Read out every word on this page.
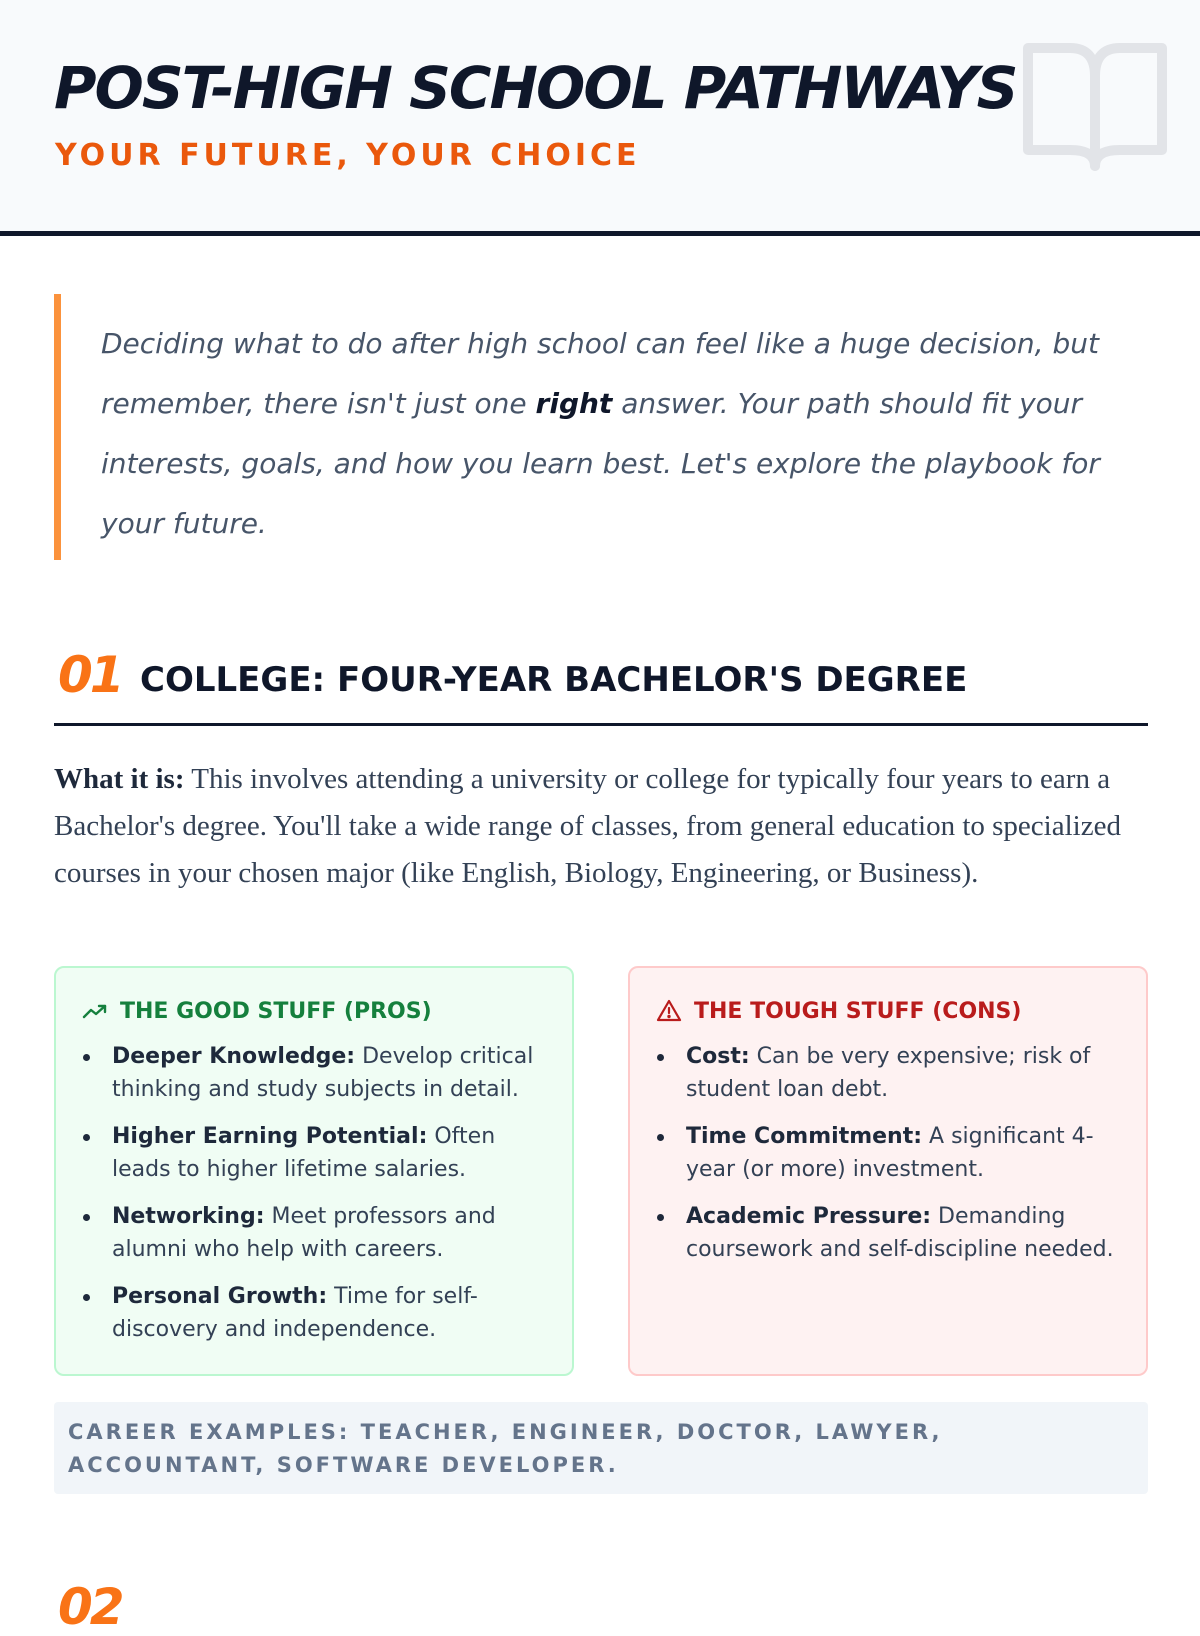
POST-HIGH SCHOOL PATHWAYS
YOUR FUTURE, YOUR CHOICE

Deciding what to do after high school can feel like a huge decision, but remember, there isn't just one right answer. Your path should fit your interests, goals, and how you learn best. Let's explore the playbook for your future.

01 COLLEGE: FOUR-YEAR BACHELOR'S DEGREE

What it is: This involves attending a university or college for typically four years to earn a Bachelor's degree. You'll take a wide range of classes, from general education to specialized courses in your chosen major (like English, Biology, Engineering, or Business).

THE GOOD STUFF (PROS)
Deeper Knowledge: Develop critical thinking and study subjects in detail.
Higher Earning Potential: Often leads to higher lifetime salaries.
Networking: Meet professors and alumni who help with careers.
Personal Growth: Time for self-discovery and independence.
THE TOUGH STUFF (CONS)
Cost: Can be very expensive; risk of student loan debt.
Time Commitment: A significant 4-year (or more) investment.
Academic Pressure: Demanding coursework and self-discipline needed.
CAREER EXAMPLES: TEACHER, ENGINEER, DOCTOR, LAWYER, ACCOUNTANT, SOFTWARE DEVELOPER.
02
